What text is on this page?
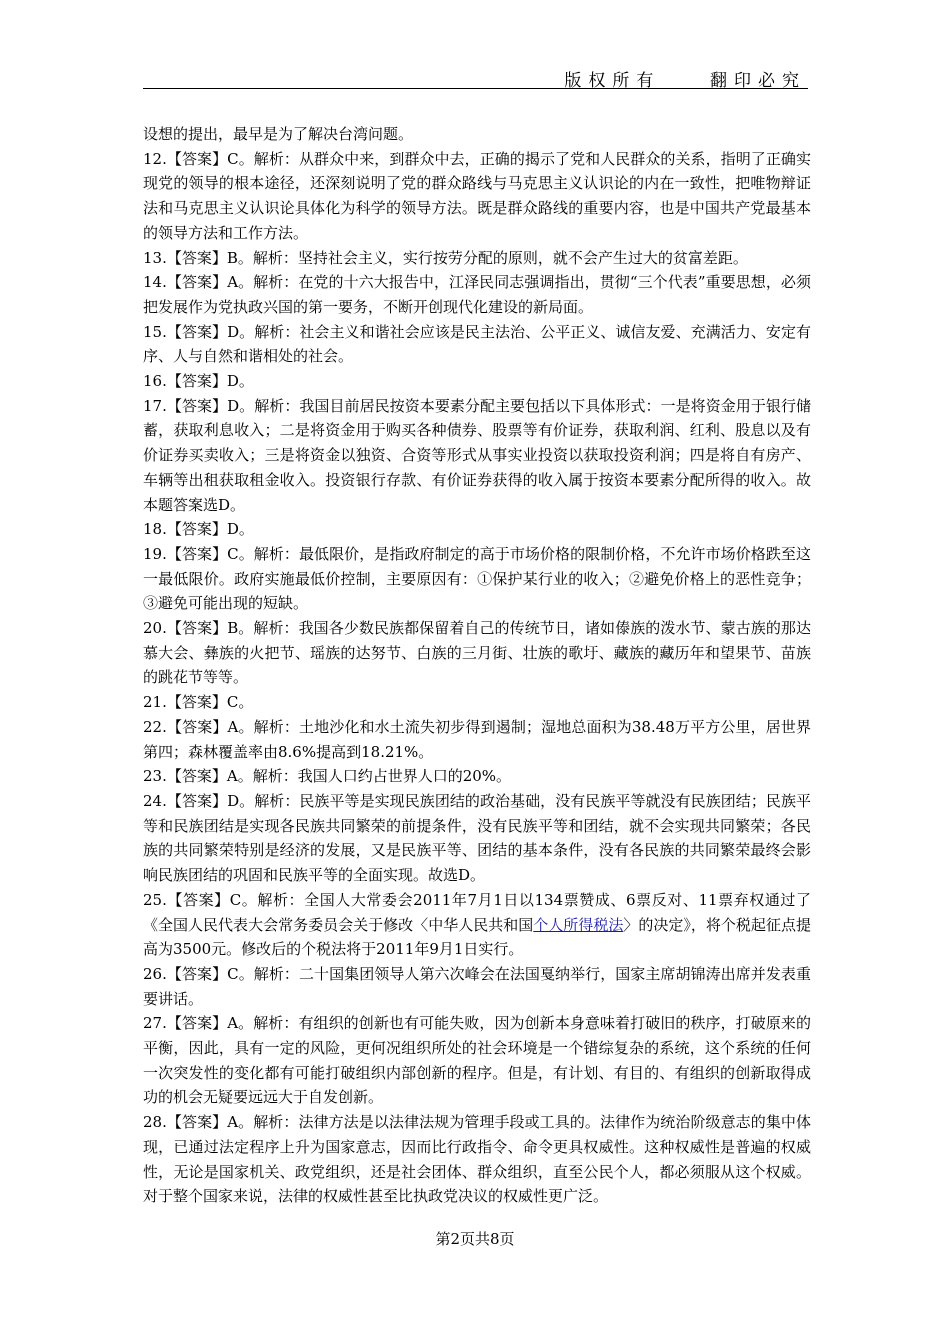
版权所有    翻印必究

设想的提出，最早是为了解决台湾问题。

12.【答案】C。解析：从群众中来，到群众中去，正确的揭示了党和人民群众的关系，指明了正确实现党的领导的根本途径，还深刻说明了党的群众路线与马克思主义认识论的内在一致性，把唯物辩证法和马克思主义认识论具体化为科学的领导方法。既是群众路线的重要内容，也是中国共产党最基本的领导方法和工作方法。

13.【答案】B。解析：坚持社会主义，实行按劳分配的原则，就不会产生过大的贫富差距。

14.【答案】A。解析：在党的十六大报告中，江泽民同志强调指出，贯彻“三个代表”重要思想，必须把发展作为党执政兴国的第一要务，不断开创现代化建设的新局面。

15.【答案】D。解析：社会主义和谐社会应该是民主法治、公平正义、诚信友爱、充满活力、安定有序、人与自然和谐相处的社会。

16.【答案】D。

17.【答案】D。解析：我国目前居民按资本要素分配主要包括以下具体形式：一是将资金用于银行储蓄，获取利息收入；二是将资金用于购买各种债券、股票等有价证券，获取利润、红利、股息以及有价证券买卖收入；三是将资金以独资、合资等形式从事实业投资以获取投资利润；四是将自有房产、车辆等出租获取租金收入。投资银行存款、有价证券获得的收入属于按资本要素分配所得的收入。故本题答案选D。

18.【答案】D。

19.【答案】C。解析：最低限价，是指政府制定的高于市场价格的限制价格，不允许市场价格跌至这一最低限价。政府实施最低价控制，主要原因有：①保护某行业的收入；②避免价格上的恶性竞争；③避免可能出现的短缺。

20.【答案】B。解析：我国各少数民族都保留着自己的传统节日，诸如傣族的泼水节、蒙古族的那达慕大会、彝族的火把节、瑶族的达努节、白族的三月街、壮族的歌圩、藏族的藏历年和望果节、苗族的跳花节等等。

21.【答案】C。

22.【答案】A。解析：土地沙化和水土流失初步得到遏制；湿地总面积为38.48万平方公里，居世界第四；森林覆盖率由8.6%提高到18.21%。

23.【答案】A。解析：我国人口约占世界人口的20%。

24.【答案】D。解析：民族平等是实现民族团结的政治基础，没有民族平等就没有民族团结；民族平等和民族团结是实现各民族共同繁荣的前提条件，没有民族平等和团结，就不会实现共同繁荣；各民族的共同繁荣特别是经济的发展，又是民族平等、团结的基本条件，没有各民族的共同繁荣最终会影响民族团结的巩固和民族平等的全面实现。故选D。

25.【答案】C。解析：全国人大常委会2011年7月1日以134票赞成、6票反对、11票弃权通过了《全国人民代表大会常务委员会关于修改〈中华人民共和国个人所得税法〉的决定》，将个税起征点提高为3500元。修改后的个税法将于2011年9月1日实行。

26.【答案】C。解析：二十国集团领导人第六次峰会在法国戛纳举行，国家主席胡锦涛出席并发表重要讲话。

27.【答案】A。解析：有组织的创新也有可能失败，因为创新本身意味着打破旧的秩序，打破原来的平衡，因此，具有一定的风险，更何况组织所处的社会环境是一个错综复杂的系统，这个系统的任何一次突发性的变化都有可能打破组织内部创新的程序。但是，有计划、有目的、有组织的创新取得成功的机会无疑要远远大于自发创新。

28.【答案】A。解析：法律方法是以法律法规为管理手段或工具的。法律作为统治阶级意志的集中体现，已通过法定程序上升为国家意志，因而比行政指令、命令更具权威性。这种权威性是普遍的权威性，无论是国家机关、政党组织，还是社会团体、群众组织，直至公民个人，都必须服从这个权威。对于整个国家来说，法律的权威性甚至比执政党决议的权威性更广泛。

第2页共8页
